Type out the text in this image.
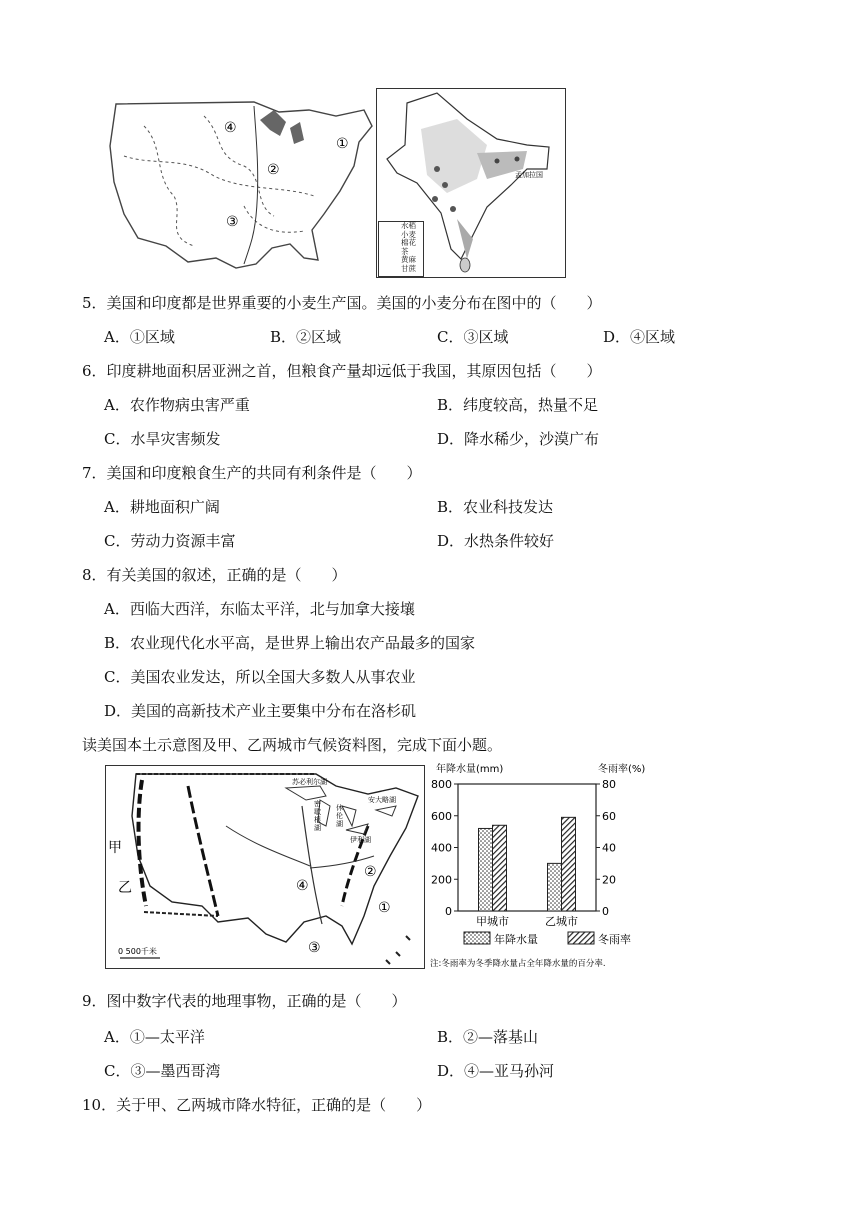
④
①
②
③
孟加拉国
水稻
小麦
棉花
茶
黄麻
甘蔗
5．美国和印度都是世界重要的小麦生产国。美国的小麦分布在图中的（　　）
A．①区域	B．②区域	C．③区域	D．④区域
6．印度耕地面积居亚洲之首，但粮食产量却远低于我国，其原因包括（　　）
A．农作物病虫害严重	B．纬度较高，热量不足
C．水旱灾害频发	D．降水稀少，沙漠广布
7．美国和印度粮食生产的共同有利条件是（　　）
A．耕地面积广阔	B．农业科技发达
C．劳动力资源丰富	D．水热条件较好
8．有关美国的叙述，正确的是（　　）
A．西临大西洋，东临太平洋，北与加拿大接壤
B．农业现代化水平高，是世界上输出农产品最多的国家
C．美国农业发达，所以全国大多数人从事农业
D．美国的高新技术产业主要集中分布在洛杉矶
读美国本土示意图及甲、乙两城市气候资料图，完成下面小题。
苏必利尔湖
密
歇
根
湖
休
伦
湖
伊利湖
安大略湖
①
②
③
④
甲
乙
0 500千米
年降水量(mm)	冬雨率(%)
0
200
400
600
800
0
20
40
60
80
甲城市	乙城市
年降水量	冬雨率
注:冬雨率为冬季降水量占全年降水量的百分率.
9．图中数字代表的地理事物，正确的是（　　）
A．①—太平洋	B．②—落基山
C．③—墨西哥湾	D．④—亚马孙河
10．关于甲、乙两城市降水特征，正确的是（　　）
